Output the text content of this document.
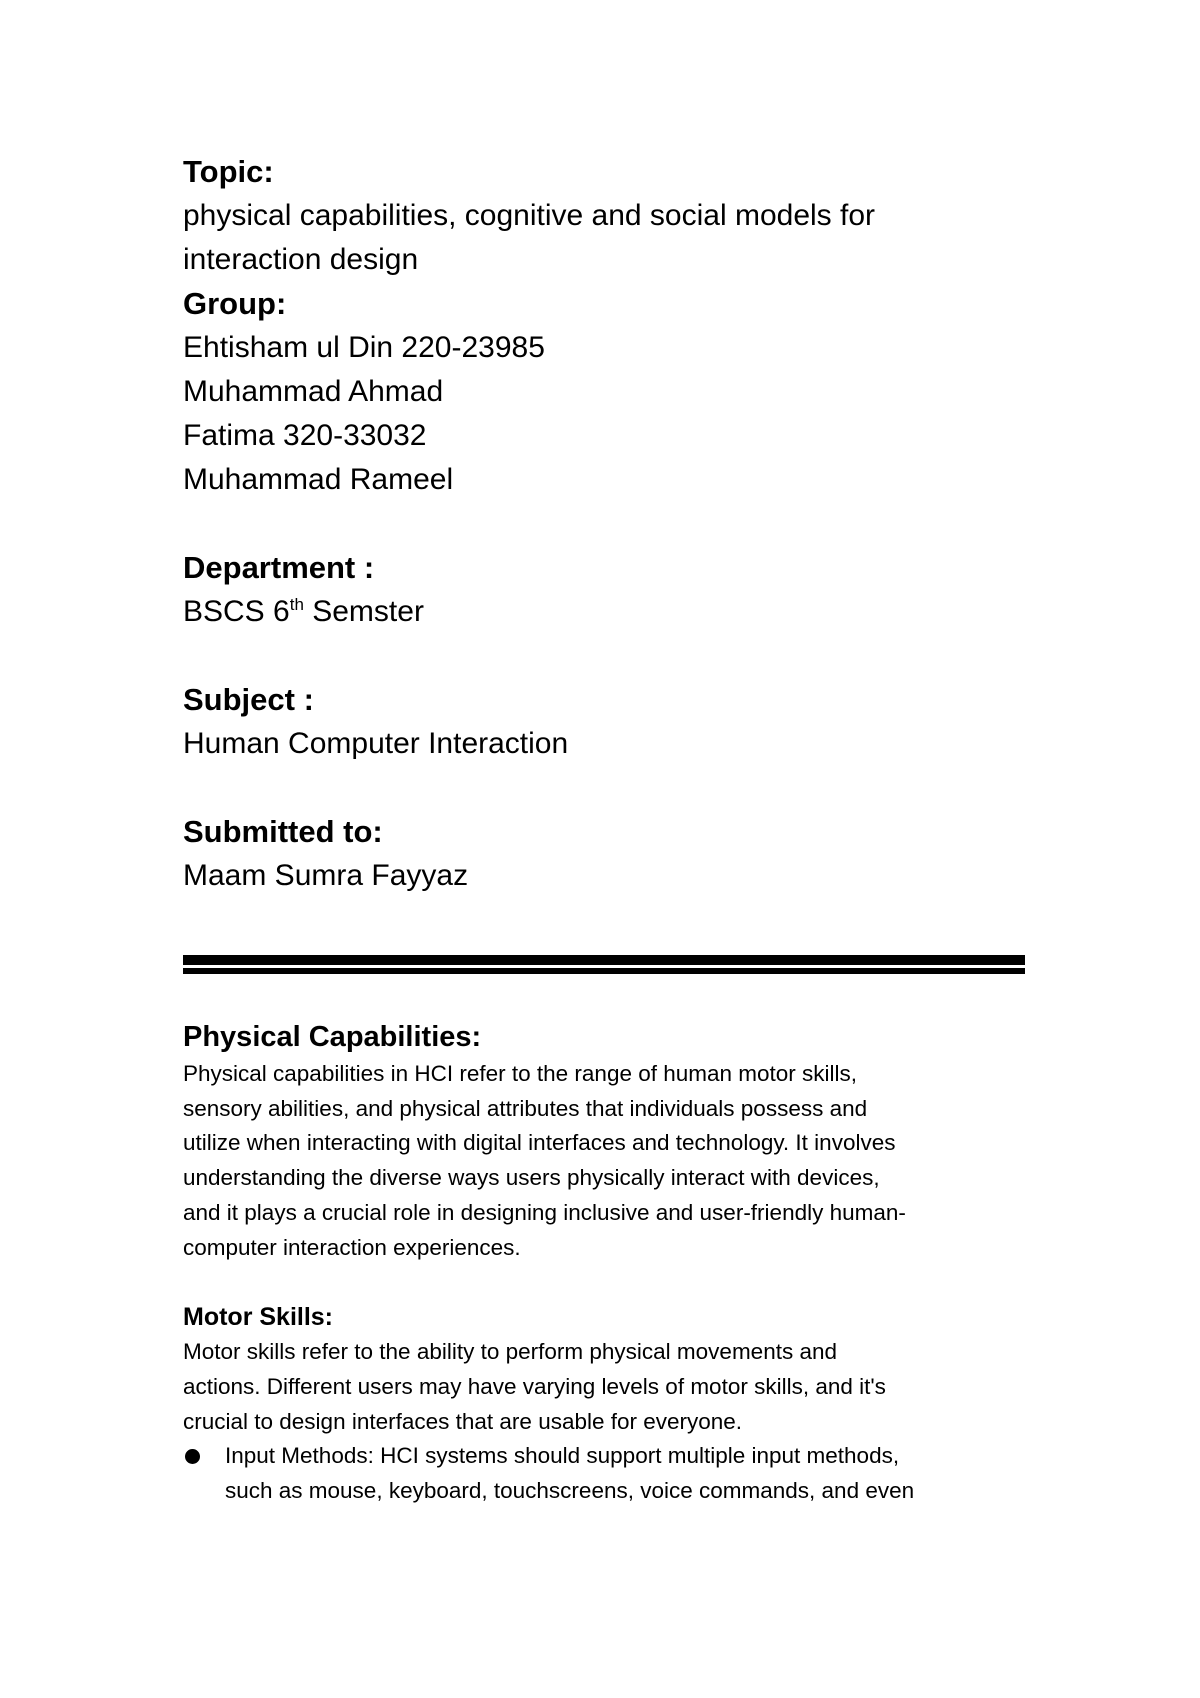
Topic:

physical capabilities, cognitive and social models for

interaction design

Group:

Ehtisham ul Din 220-23985

Muhammad Ahmad

Fatima 320-33032

Muhammad Rameel

Department :

BSCS 6th Semster

Subject :

Human Computer Interaction

Submitted to:

Maam Sumra Fayyaz

Physical Capabilities:

Physical capabilities in HCI refer to the range of human motor skills,

sensory abilities, and physical attributes that individuals possess and

utilize when interacting with digital interfaces and technology. It involves

understanding the diverse ways users physically interact with devices,

and it plays a crucial role in designing inclusive and user-friendly human-

computer interaction experiences.

Motor Skills:

Motor skills refer to the ability to perform physical movements and

actions. Different users may have varying levels of motor skills, and it's

crucial to design interfaces that are usable for everyone.

Input Methods: HCI systems should support multiple input methods,

such as mouse, keyboard, touchscreens, voice commands, and even
